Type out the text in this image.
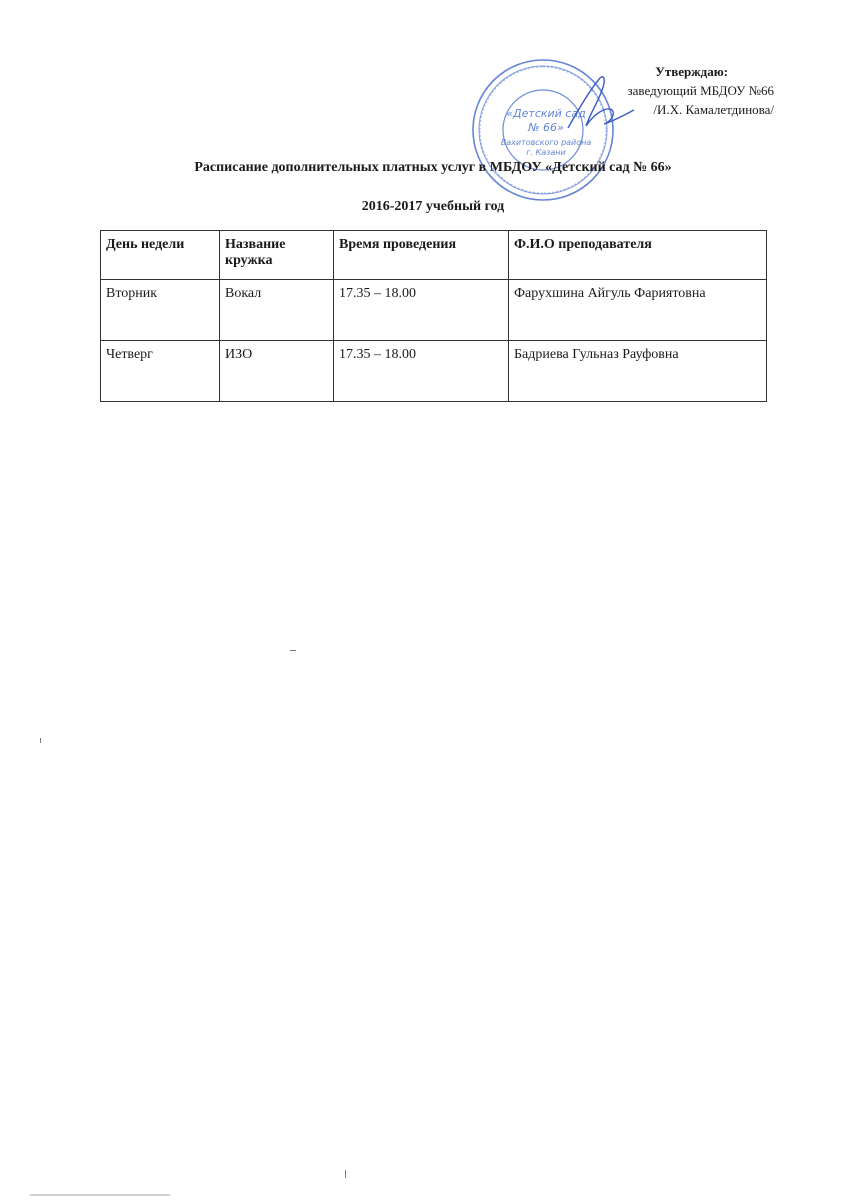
«Детский сад
№ 66»
Вахитовского района
г. Казани
Утверждаю:
заведующий МБДОУ №66
/И.Х. Камалетдинова/
Расписание дополнительных платных услуг в МБДОУ «Детский сад № 66»
2016-2017 учебный год
День недели	Название кружка	Время проведения	Ф.И.О преподавателя
Вторник	Вокал	17.35 – 18.00	Фарухшина Айгуль Фариятовна
Четверг	ИЗО	17.35 – 18.00	Бадриева Гульназ Рауфовна
